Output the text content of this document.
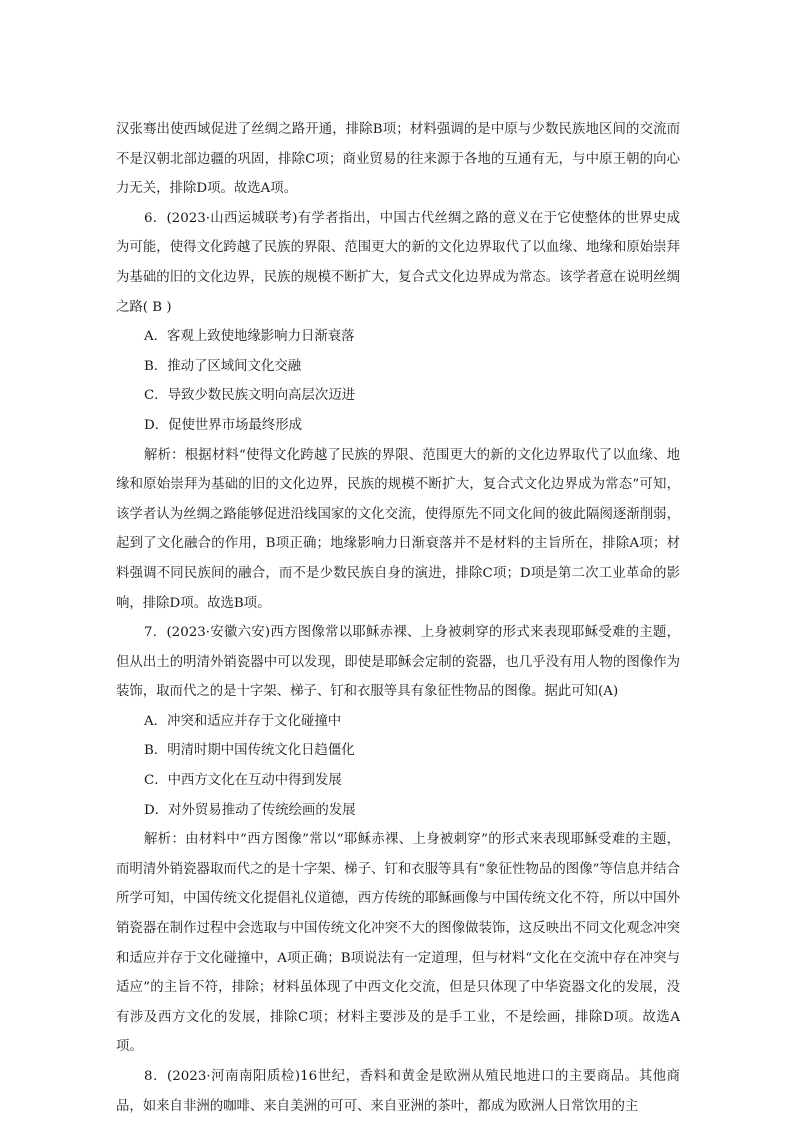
汉张骞出使西域促进了丝绸之路开通，排除B项；材料强调的是中原与少数民族地区间的交流而不是汉朝北部边疆的巩固，排除C项；商业贸易的往来源于各地的互通有无，与中原王朝的向心力无关，排除D项。故选A项。

6．(2023·山西运城联考)有学者指出，中国古代丝绸之路的意义在于它使整体的世界史成为可能，使得文化跨越了民族的界限、范围更大的新的文化边界取代了以血缘、地缘和原始崇拜为基础的旧的文化边界，民族的规模不断扩大，复合式文化边界成为常态。该学者意在说明丝绸之路( B )

A．客观上致使地缘影响力日渐衰落

B．推动了区域间文化交融

C．导致少数民族文明向高层次迈进

D．促使世界市场最终形成

解析：根据材料“使得文化跨越了民族的界限、范围更大的新的文化边界取代了以血缘、地缘和原始崇拜为基础的旧的文化边界，民族的规模不断扩大，复合式文化边界成为常态”可知，该学者认为丝绸之路能够促进沿线国家的文化交流，使得原先不同文化间的彼此隔阂逐渐削弱，起到了文化融合的作用，B项正确；地缘影响力日渐衰落并不是材料的主旨所在，排除A项；材料强调不同民族间的融合，而不是少数民族自身的演进，排除C项；D项是第二次工业革命的影响，排除D项。故选B项。

7．(2023·安徽六安)西方图像常以耶稣赤裸、上身被刺穿的形式来表现耶稣受难的主题，但从出土的明清外销瓷器中可以发现，即使是耶稣会定制的瓷器，也几乎没有用人物的图像作为装饰，取而代之的是十字架、梯子、钉和衣服等具有象征性物品的图像。据此可知(A)

A．冲突和适应并存于文化碰撞中

B．明清时期中国传统文化日趋僵化

C．中西方文化在互动中得到发展

D．对外贸易推动了传统绘画的发展

解析：由材料中“西方图像”常以“耶稣赤裸、上身被刺穿”的形式来表现耶稣受难的主题，而明清外销瓷器取而代之的是十字架、梯子、钉和衣服等具有“象征性物品的图像”等信息并结合所学可知，中国传统文化提倡礼仪道德，西方传统的耶稣画像与中国传统文化不符，所以中国外销瓷器在制作过程中会选取与中国传统文化冲突不大的图像做装饰，这反映出不同文化观念冲突和适应并存于文化碰撞中，A项正确；B项说法有一定道理，但与材料“文化在交流中存在冲突与适应”的主旨不符，排除；材料虽体现了中西文化交流，但是只体现了中华瓷器文化的发展，没有涉及西方文化的发展，排除C项；材料主要涉及的是手工业，不是绘画，排除D项。故选A项。

8．(2023·河南南阳质检)16世纪，香料和黄金是欧洲从殖民地进口的主要商品。其他商品，如来自非洲的咖啡、来自美洲的可可、来自亚洲的茶叶，都成为欧洲人日常饮用的主
